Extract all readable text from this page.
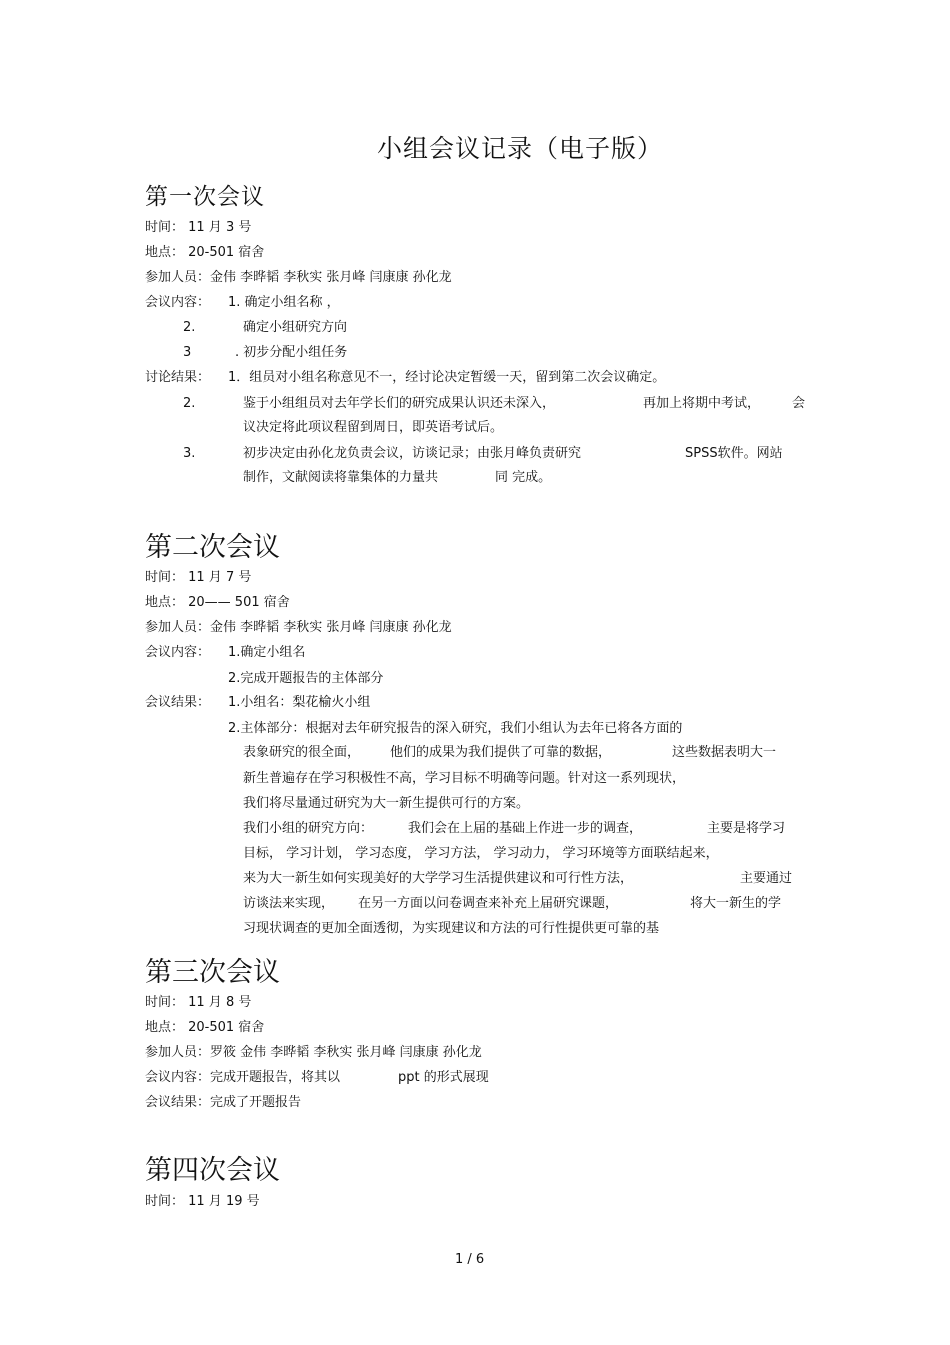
小组会议记录（电子版）
第一次会议
时间： 11 月 3 号
地点： 20-501 宿舍
参加人员：金伟 李晔韬 李秋实 张月峰 闫康康 孙化龙
会议内容： 1. 确定小组名称 ，
2.	确定小组研究方向
3	. 初步分配小组任务
讨论结果： 1．组员对小组名称意见不一，经讨论决定暂缓一天，留到第二次会议确定。
2.	鉴于小组组员对去年学长们的研究成果认识还未深入，	再加上将期中考试， 会
议决定将此项议程留到周日，即英语考试后。
3.	初步决定由孙化龙负责会议，访谈记录；由张月峰负责研究	SPSS软件。网站
制作，文献阅读将靠集体的力量共	同 完成。
第二次会议
时间： 11 月 7 号
地点： 20—— 501 宿舍
参加人员：金伟 李晔韬 李秋实 张月峰 闫康康 孙化龙
会议内容： 1.确定小组名
2.完成开题报告的主体部分
会议结果： 1.小组名：梨花榆火小组
2.主体部分：根据对去年研究报告的深入研究，我们小组认为去年已将各方面的
表象研究的很全面， 他们的成果为我们提供了可靠的数据，	这些数据表明大一
新生普遍存在学习积极性不高，学习目标不明确等问题。针对这一系列现状，
我们将尽量通过研究为大一新生提供可行的方案。
我们小组的研究方向：	我们会在上届的基础上作进一步的调查，	主要是将学习
目标， 学习计划， 学习态度， 学习方法， 学习动力， 学习环境等方面联结起来，
来为大一新生如何实现美好的大学学习生活提供建议和可行性方法，	主要通过
访谈法来实现， 在另一方面以问卷调查来补充上届研究课题，	将大一新生的学
习现状调查的更加全面透彻，为实现建议和方法的可行性提供更可靠的基
第三次会议
时间： 11 月 8 号
地点： 20-501 宿舍
参加人员：罗筱 金伟 李晔韬 李秋实 张月峰 闫康康 孙化龙
会议内容：完成开题报告，将其以	ppt 的形式展现
会议结果：完成了开题报告
第四次会议
时间： 11 月 19 号
1 / 6
